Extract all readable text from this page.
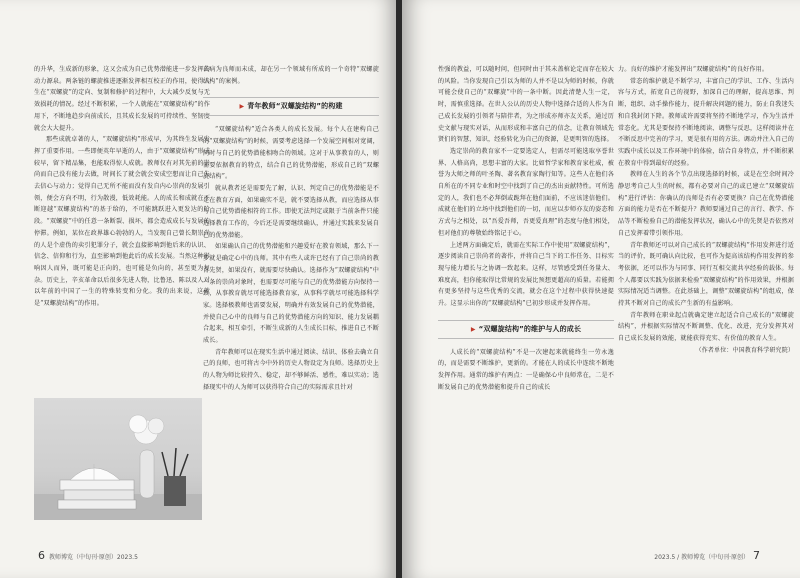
的升华，生成新的形象，这又会成为自己优势潜能进一步发挥的动力源泉。两条链的螺旋推进逐渐发挥相互校正的作用，使得人生在“双螺旋”的定向、复制和修护的过程中，大大减少反复与无效损耗的情况。经过不断积累，一个人就能在“双螺旋结构”的作用下，不断地趋步向前成长，且其成长发展的可持续性、坚韧度就会大大提升。

那些成就卓著的人，“双螺旋结构”形成早，为其终生发展发挥了重要作用。一些即便英年早逝的人，由于“双螺旋结构”形成较早，留下精品集，也能取得惊人成就。教师仅有对其先前的崇尚而自己没有能力去做，时间长了就会就会安成空想而让自己失去信心与动力；觉得自己无所不能而没有发自内心崇尚的发展引领，便会方向不明，行为散漫，低效耗能。人的成长和成就在不断迎越“双螺旋结构”的基于给的，不可能跳跃进入更发达的阶段。“双螺旋”中的任意一条断裂、损坏，都会造成成长与发展的停滞。例如，某位在政界雄心勃勃的人，当发现自己曾长期崇尚的人是个虚伪的卖引犯罪分子，就会直接影响到他后来的认识、信念、信仰和行为，直至影响到他此后的成长发展。当然这种影响因人而异，既可能是正向的，也可能是负向的，甚至更为复杂。历史上，辛亥革命以后很多先进人物，比鲁迅、陈以及人对以年前的中国了一生的特殊转变和分化。我的出来说，这就是“双螺旋结构”的作用。

去病为良师而未成，却在另一个领域有所成的一个奇特“双螺旋结构”的案例。

▶ 青年教师“双螺旋结构”的构建

“双螺旋结构”适合各类人的成长发展。每个人在建构自己的“双螺旋结构”的时候，需要考虑选择一个发展空间相对宽阔，同时与自己的优势潜能相吻合的领域。这对于从事教育的人，则需要依据教育的特点，结合自己的优势潜能，形成自己的“双螺旋结构”。

就从教者还是需要先了解，认识、判定自己的优势潜能是不是在教育方面，如果确实不是，就不要选择从教，而应选择从事与自己优势潜能相符的工作。即使无法判定或限于当前条件只能选择教育工作的，今后还是需要继续确认，并通过实践来发展自己的优势潜能。

如果确认自己的优势潜能和兴趣爱好在教育领域，那么下一步就是确定心中的良师。其中有些人或许已经有了自己崇尚的教育先贤，如果没有，就需要尽快确认。选择作为“双螺旋结构”中一条的崇尚对象时，也需要尽可能与自己的优势潜能方向保持一致，从事教育就尽可能选择教育家，从事科学就尽可能选择科学家。选择极教师也需要发展，明确并有效发展自己的优势潜能，并使自己心中的良师与自己的优势潜能方向的知识、能力发展耦合起来，相互牵引，不断生成新的人生成长目标，推进自己不断成长。

青年教师可以在现实生活中通过阅读、结识、体验去确立自己的良师，也可将古今中外的历史人物设定为良师。选择历史上的人物为师比较持久、稳定，却不够鲜活、感性，难以实动；选择现实中的人为师可以获得符合自己的实际需求且针对

6 教师博览（中旬刊·原创）2023.5

性强的教益，可以随时问，但同时由于其未盖棺论定而存在较大的风险。当你发现自己引以为师的人并不是以为师的时候，你就可能会使自己的“双螺旋”中的一条中断。因此清楚人生一定，时，需慎重选择。在世人公认的历史人物中选择合适的人作为自己成长发展的引领者与陪伴者，为之形成亦师亦友关系，通过历史文献与现实对话，从而形成和丰富自己的信念，让教育领域先贤们的智慧，知识，经验转化为自己的资源，是更明智的选择。

选定崇尚的教育家不一定要选定人，但需尽可能选取享誉世界、人格高尚，思想丰富的大家。比如哲学家和教育家杜威，被誉为大师之师的叶圣陶、著名教育家陶行知等。这些人在他们各自所在的不同专业和时空中找到了自己的杰出贡献特性。可所选定的人，我们也不必拜倒或跪拜在他们面前，不应该迷信他们。成就在他们的立场中找到他们的一切，而应以步师亦友的姿态和方式与之相处，以“吾爱吾师，吾更爱真理”的态度与他们相处，但对他们的尊敬始终铭记于心。

上述两方面确定后，就需在实际工作中使用“双螺旋结构”，逐步阅读自己崇尚者的著作，并将自己当下的工作任务、目标实现与能力增长与之协调一致起来。这样，尽管感受到任务量大、难度高，但你能取得比常规的发展比预想更超高的质量。若能拥有更多坚持与这些优秀的交流，就会在这个过程中获得快速提升。这显示出你的“双螺旋结构”已初步形成并发挥作用。

▶ “双螺旋结构”的维护与人的成长

人成长的“双螺旋结构”不是一次建起来就能终生一劳永逸的，而是需要不断维护，更新的。才能在人的成长中连续不断地发挥作用。通常的维护有两点：一是确保心中良师常在，二是不断发展自己的优势潜能和提升自己的成长

力。良好的维护才能发挥出“双螺旋结构”的良好作用。

常态的维护就是不断学习，丰富自己的学识、工作、生活内容与方式，拓宽自己的视野，加深自己的理解，提高思维、判断，组织、动手操作能力，提升解决问题的能力，防止自我迷失和自我封闭下降。教师或许需要将坚持不断地学习，作为生活并常态化。尤其是要保持不断地阅读、调整与反思，这样阅读并在不断反思中完善的学习，更是很有用的方法。调动并注入自己的实践中成长以及工作环境中的体验，结合自身特点，并不断积累在教育中得到最好的经验。

教师在人生的各个节点出现选择的时候，或是在空余时间冷静思考自己人生的时候，都有必要对自己的或已建立“双螺旋结构”进行评估：你确认的良师是否有必要更换？自己在优势潜能方面的能力是否在不断提升？教师要通过自己的言行、教学、作品等不断检验自己的潜能发挥状况，确认心中的先贤是否依然对自己发挥着带引领作用。

青年教师还可以对自己成长的“双螺旋结构”作用发挥进行适当的评价，既可确认向比较，也可作为提高该结构作用发挥的参考依据，还可以作为与同事、同行互相交流共享经验的载体。每个人都要以实践为依据来检验“双螺旋结构”的作用效果，并根据实际情况适当调整。在此基础上，调整“双螺旋结构”的组成，保持其不断对自己的成长产生新的有益影响。

青年教师在职业起点就确定建立起适合自己成长的“双螺旋结构”，并根据实际情况不断调整、优化、改进，充分发挥其对自己成长发展的效能，就能获得充实、有价值的教育人生。

（作者单位：中国教育科学研究院）

2023.5 / 教师博览（中旬刊·原创） 7
